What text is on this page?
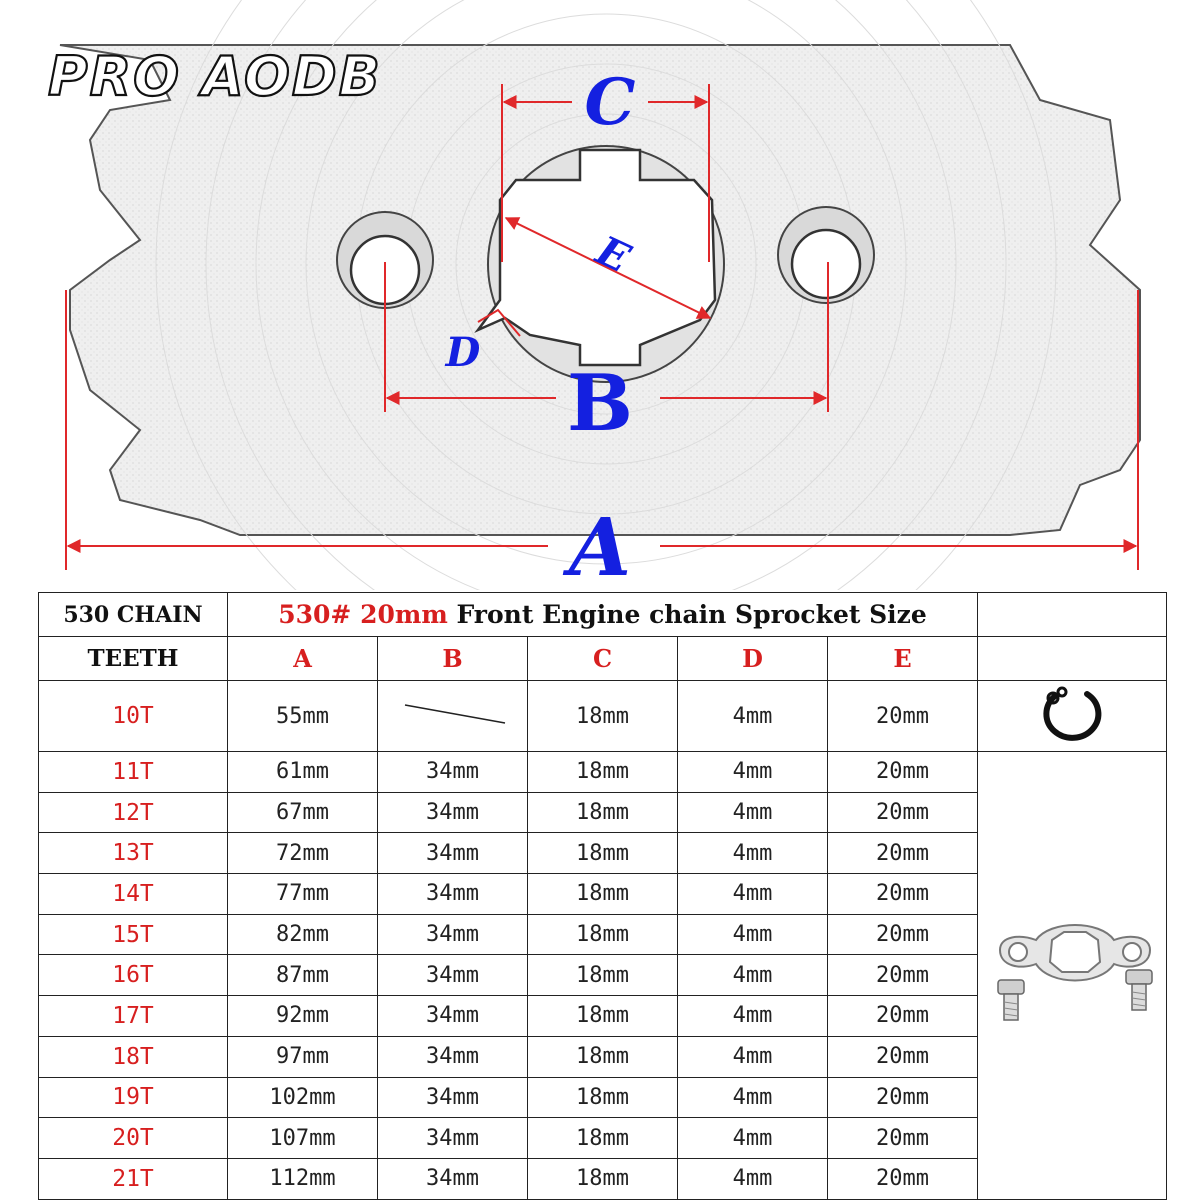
PRO AODB
A
B
C
E
D
530 CHAIN	530# 20mm Front Engine chain Sprocket Size					
TEETH	A	B	C	D	E	
10T	55mm		18mm	4mm	20mm	
11T	61mm	34mm	18mm	4mm	20mm	
12T	67mm	34mm	18mm	4mm	20mm	
13T	72mm	34mm	18mm	4mm	20mm	
14T	77mm	34mm	18mm	4mm	20mm	
15T	82mm	34mm	18mm	4mm	20mm	
16T	87mm	34mm	18mm	4mm	20mm	
17T	92mm	34mm	18mm	4mm	20mm	
18T	97mm	34mm	18mm	4mm	20mm	
19T	102mm	34mm	18mm	4mm	20mm	
20T	107mm	34mm	18mm	4mm	20mm	
21T	112mm	34mm	18mm	4mm	20mm	
